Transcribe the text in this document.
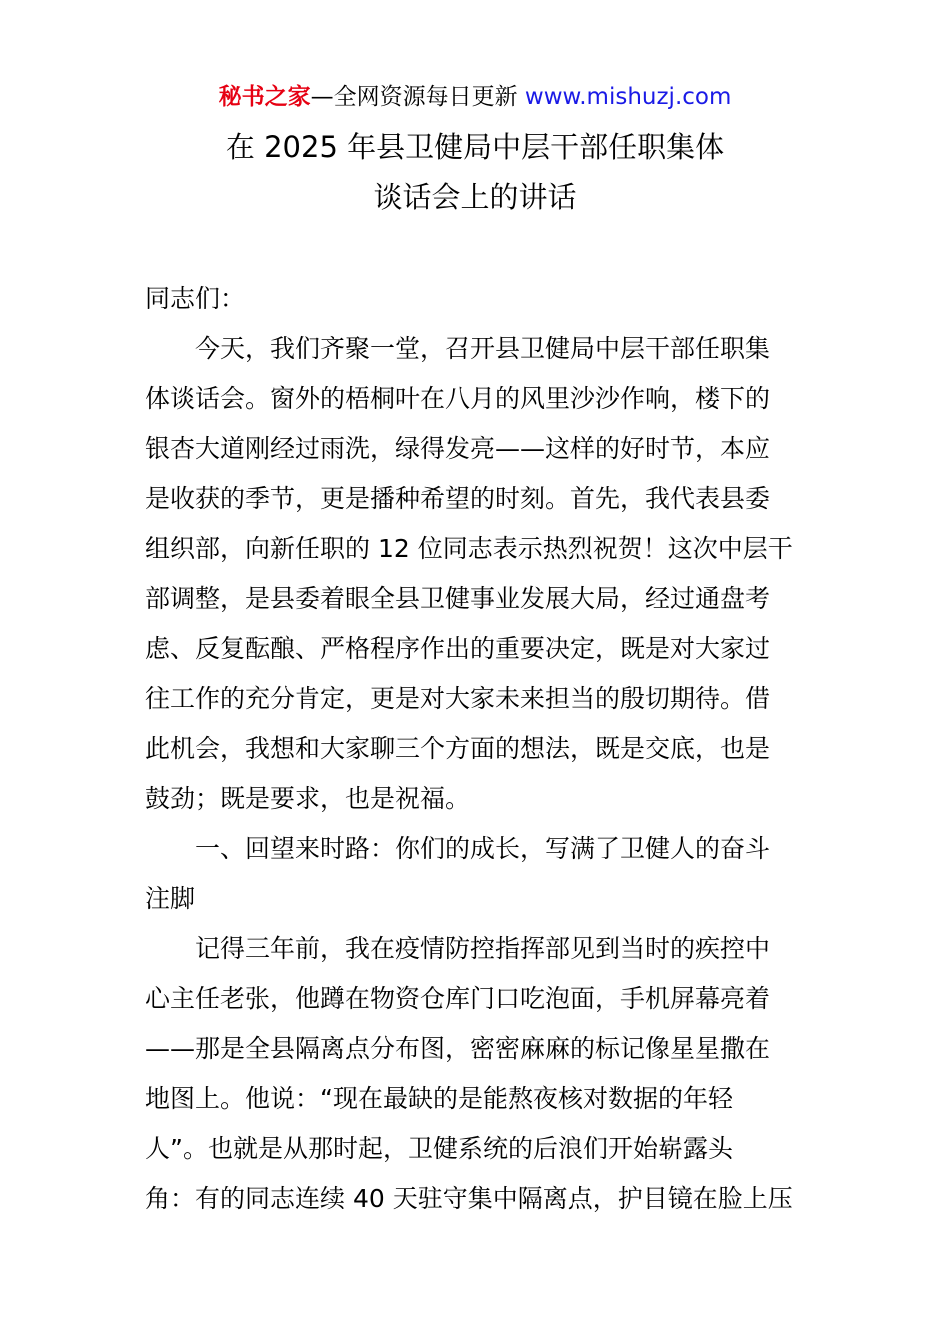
秘书之家—全网资源每日更新 www.mishuzj.com
在 2025 年县卫健局中层干部任职集体
谈话会上的讲话
同志们：
　　今天，我们齐聚一堂，召开县卫健局中层干部任职集
体谈话会。窗外的梧桐叶在八月的风里沙沙作响，楼下的
银杏大道刚经过雨洗，绿得发亮——这样的好时节，本应
是收获的季节，更是播种希望的时刻。首先，我代表县委
组织部，向新任职的 12 位同志表示热烈祝贺！这次中层干
部调整，是县委着眼全县卫健事业发展大局，经过通盘考
虑、反复酝酿、严格程序作出的重要决定，既是对大家过
往工作的充分肯定，更是对大家未来担当的殷切期待。借
此机会，我想和大家聊三个方面的想法，既是交底，也是
鼓劲；既是要求，也是祝福。
　　一、回望来时路：你们的成长，写满了卫健人的奋斗
注脚
　　记得三年前，我在疫情防控指挥部见到当时的疾控中
心主任老张，他蹲在物资仓库门口吃泡面，手机屏幕亮着
——那是全县隔离点分布图，密密麻麻的标记像星星撒在
地图上。他说：“现在最缺的是能熬夜核对数据的年轻
人”。也就是从那时起，卫健系统的后浪们开始崭露头
角：有的同志连续 40 天驻守集中隔离点，护目镜在脸上压
